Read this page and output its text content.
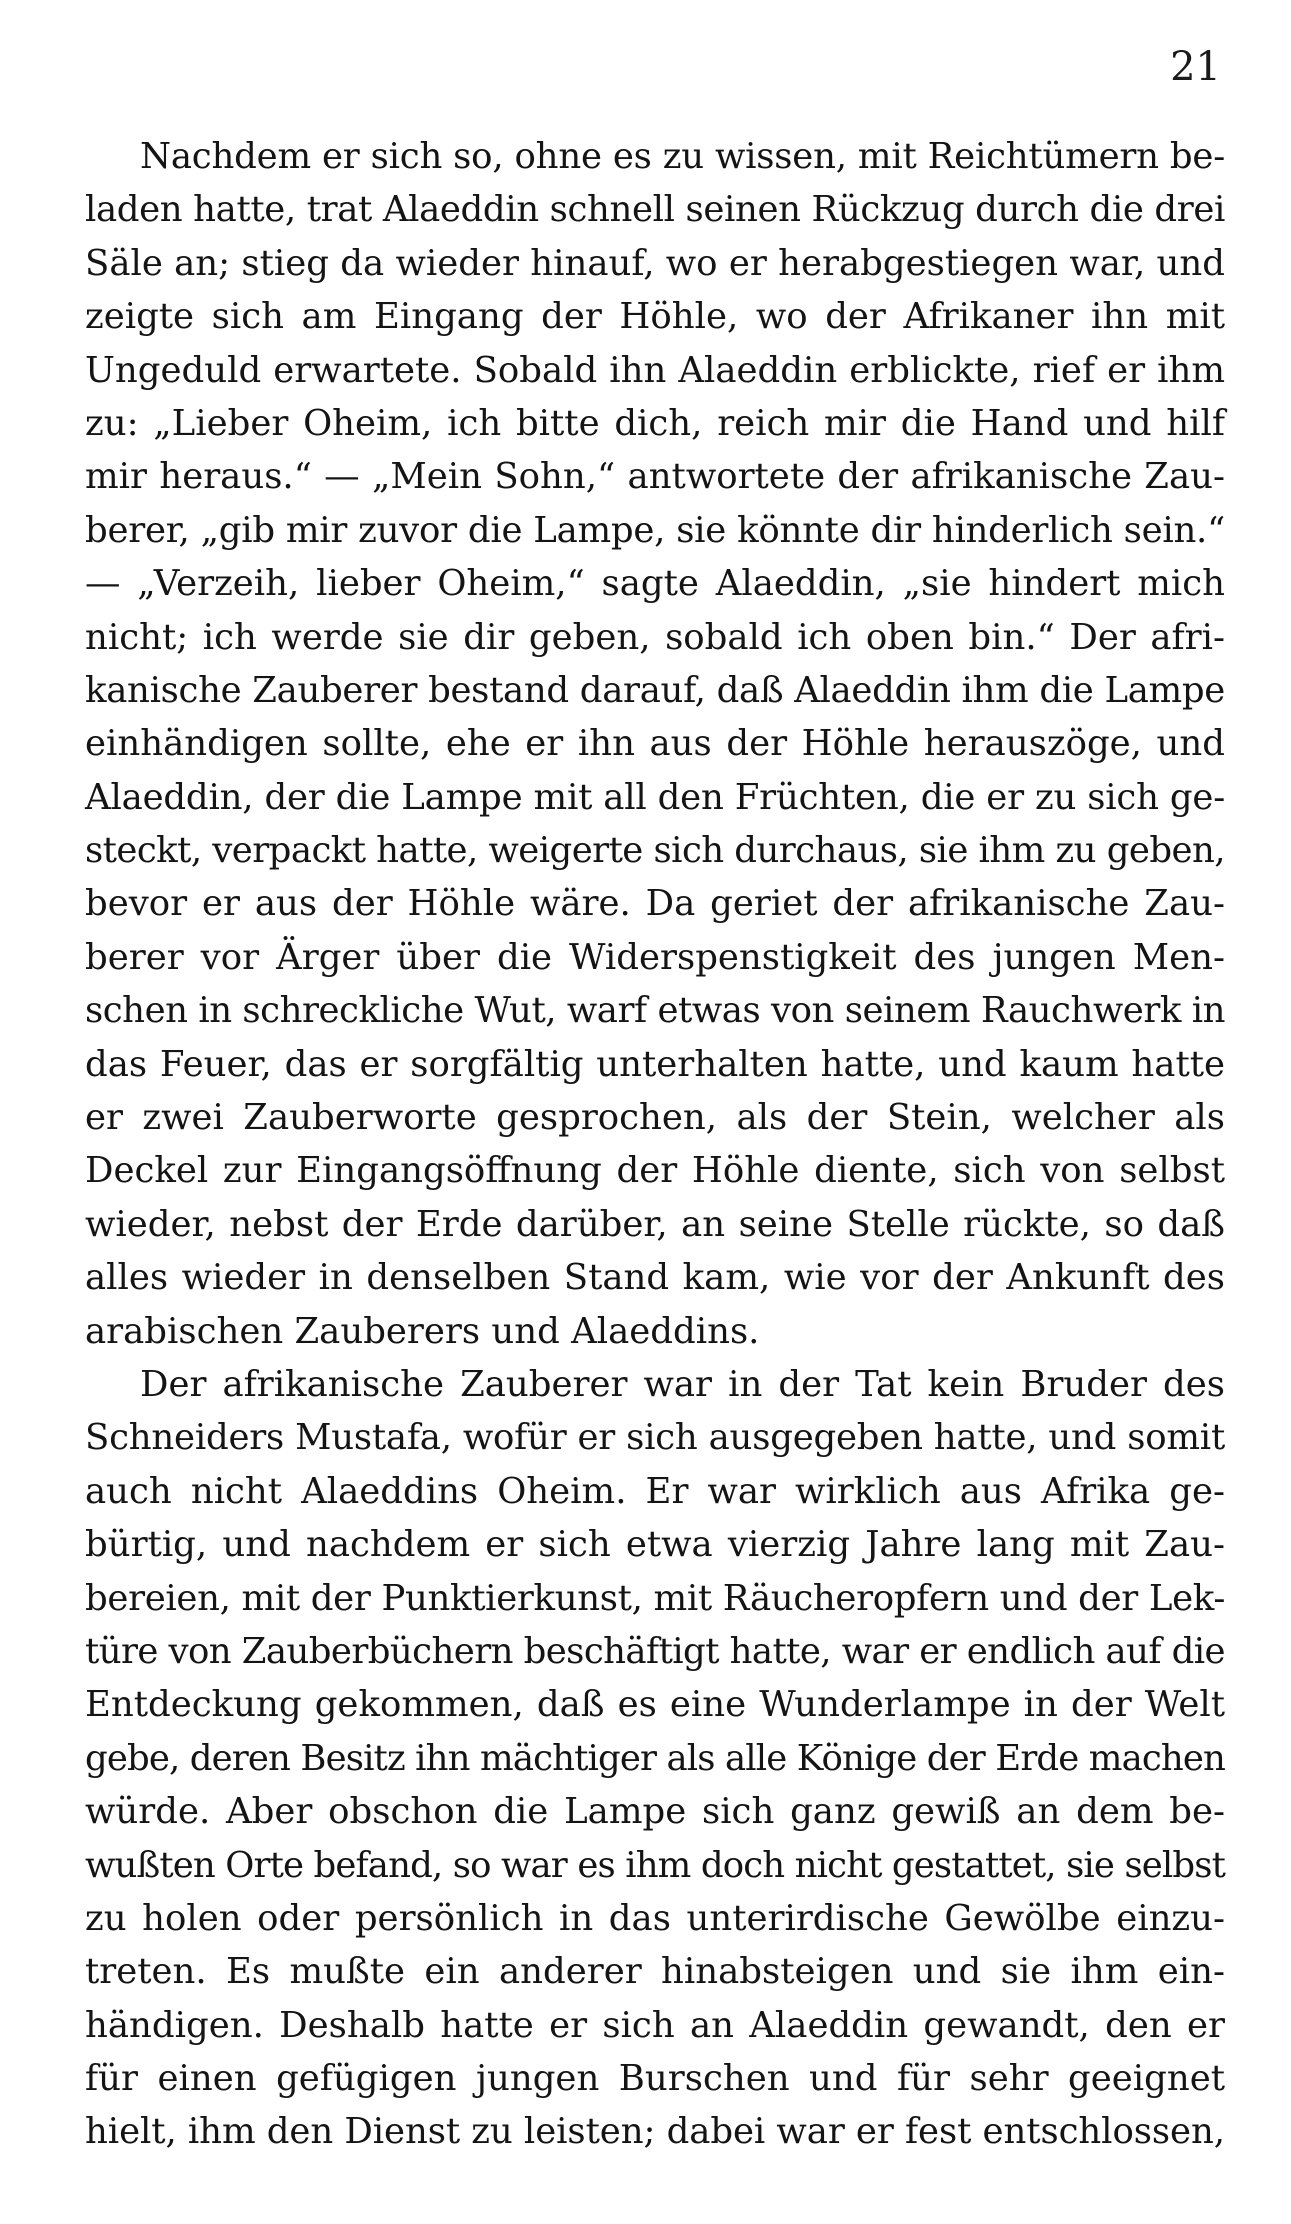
21
Nachdem er sich so, ohne es zu wissen, mit Reichtümern be-
laden hatte, trat Alaeddin schnell seinen Rückzug durch die drei
Säle an; stieg da wieder hinauf, wo er herabgestiegen war, und
zeigte sich am Eingang der Höhle, wo der Afrikaner ihn mit
Ungeduld erwartete. Sobald ihn Alaeddin erblickte, rief er ihm
zu: „Lieber Oheim, ich bitte dich, reich mir die Hand und hilf
mir heraus.“ — „Mein Sohn,“ antwortete der afrikanische Zau-
berer, „gib mir zuvor die Lampe, sie könnte dir hinderlich sein.“
— „Verzeih, lieber Oheim,“ sagte Alaeddin, „sie hindert mich
nicht; ich werde sie dir geben, sobald ich oben bin.“ Der afri-
kanische Zauberer bestand darauf, daß Alaeddin ihm die Lampe
einhändigen sollte, ehe er ihn aus der Höhle herauszöge, und
Alaeddin, der die Lampe mit all den Früchten, die er zu sich ge-
steckt, verpackt hatte, weigerte sich durchaus, sie ihm zu geben,
bevor er aus der Höhle wäre. Da geriet der afrikanische Zau-
berer vor Ärger über die Widerspenstigkeit des jungen Men-
schen in schreckliche Wut, warf etwas von seinem Rauchwerk in
das Feuer, das er sorgfältig unterhalten hatte, und kaum hatte
er zwei Zauberworte gesprochen, als der Stein, welcher als
Deckel zur Eingangsöffnung der Höhle diente, sich von selbst
wieder, nebst der Erde darüber, an seine Stelle rückte, so daß
alles wieder in denselben Stand kam, wie vor der Ankunft des
arabischen Zauberers und Alaeddins.
Der afrikanische Zauberer war in der Tat kein Bruder des
Schneiders Mustafa, wofür er sich ausgegeben hatte, und somit
auch nicht Alaeddins Oheim. Er war wirklich aus Afrika ge-
bürtig, und nachdem er sich etwa vierzig Jahre lang mit Zau-
bereien, mit der Punktierkunst, mit Räucheropfern und der Lek-
türe von Zauberbüchern beschäftigt hatte, war er endlich auf die
Entdeckung gekommen, daß es eine Wunderlampe in der Welt
gebe, deren Besitz ihn mächtiger als alle Könige der Erde machen
würde. Aber obschon die Lampe sich ganz gewiß an dem be-
wußten Orte befand, so war es ihm doch nicht gestattet, sie selbst
zu holen oder persönlich in das unterirdische Gewölbe einzu-
treten. Es mußte ein anderer hinabsteigen und sie ihm ein-
händigen. Deshalb hatte er sich an Alaeddin gewandt, den er
für einen gefügigen jungen Burschen und für sehr geeignet
hielt, ihm den Dienst zu leisten; dabei war er fest entschlossen,
